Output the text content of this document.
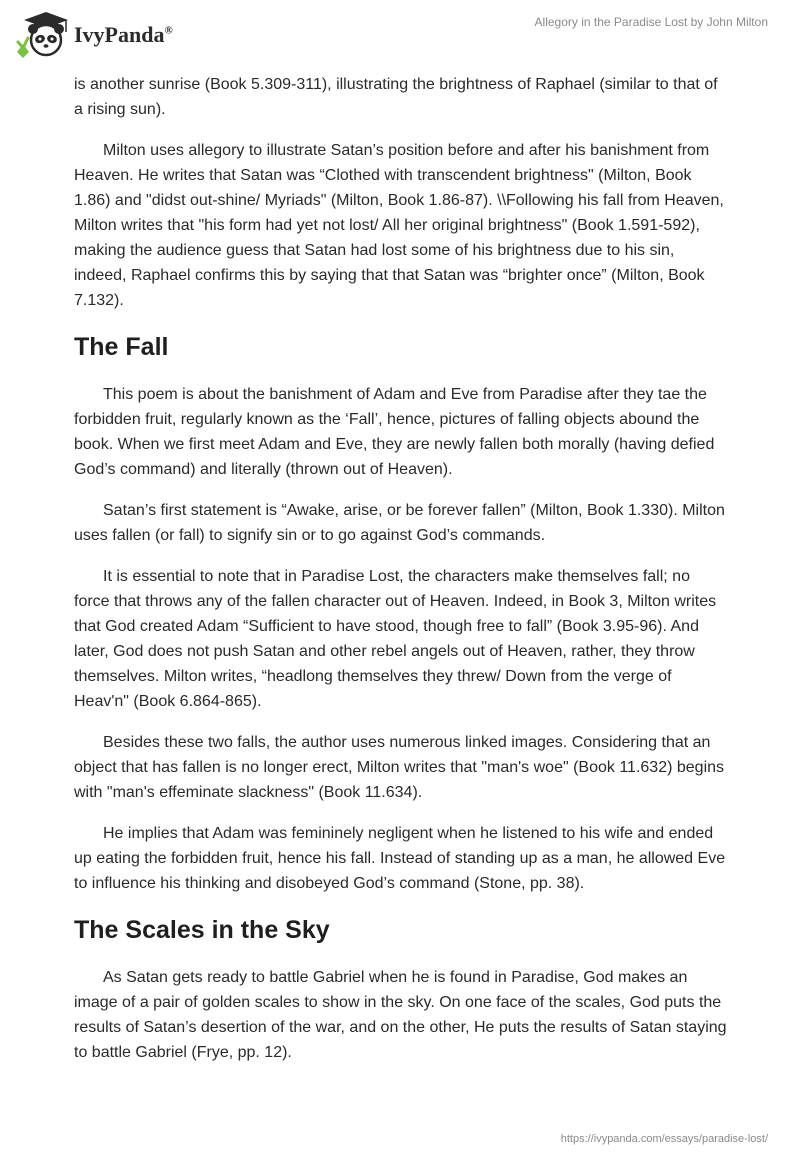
IvyPanda®
Allegory in the Paradise Lost by John Milton

is another sunrise (Book 5.309-311), illustrating the brightness of Raphael (similar to that of a rising sun).

Milton uses allegory to illustrate Satan’s position before and after his banishment from Heaven. He writes that Satan was “Clothed with transcendent brightness" (Milton, Book 1.86) and "didst out-shine/ Myriads" (Milton, Book 1.86-87). \\Following his fall from Heaven, Milton writes that "his form had yet not lost/ All her original brightness" (Book 1.591-592), making the audience guess that Satan had lost some of his brightness due to his sin, indeed, Raphael confirms this by saying that that Satan was “brighter once” (Milton, Book 7.132).

The Fall

This poem is about the banishment of Adam and Eve from Paradise after they tae the forbidden fruit, regularly known as the ‘Fall’, hence, pictures of falling objects abound the book. When we first meet Adam and Eve, they are newly fallen both morally (having defied God’s command) and literally (thrown out of Heaven).

Satan’s first statement is “Awake, arise, or be forever fallen” (Milton, Book 1.330). Milton uses fallen (or fall) to signify sin or to go against God’s commands.

It is essential to note that in Paradise Lost, the characters make themselves fall; no force that throws any of the fallen character out of Heaven. Indeed, in Book 3, Milton writes that God created Adam “Sufficient to have stood, though free to fall” (Book 3.95-96). And later, God does not push Satan and other rebel angels out of Heaven, rather, they throw themselves. Milton writes, “headlong themselves they threw/ Down from the verge of Heav'n" (Book 6.864-865).

Besides these two falls, the author uses numerous linked images. Considering that an object that has fallen is no longer erect, Milton writes that "man's woe" (Book 11.632) begins with "man's effeminate slackness" (Book 11.634).

He implies that Adam was femininely negligent when he listened to his wife and ended up eating the forbidden fruit, hence his fall. Instead of standing up as a man, he allowed Eve to influence his thinking and disobeyed God’s command (Stone, pp. 38).

The Scales in the Sky

As Satan gets ready to battle Gabriel when he is found in Paradise, God makes an image of a pair of golden scales to show in the sky. On one face of the scales, God puts the results of Satan’s desertion of the war, and on the other, He puts the results of Satan staying to battle Gabriel (Frye, pp. 12).

https://ivypanda.com/essays/paradise-lost/
